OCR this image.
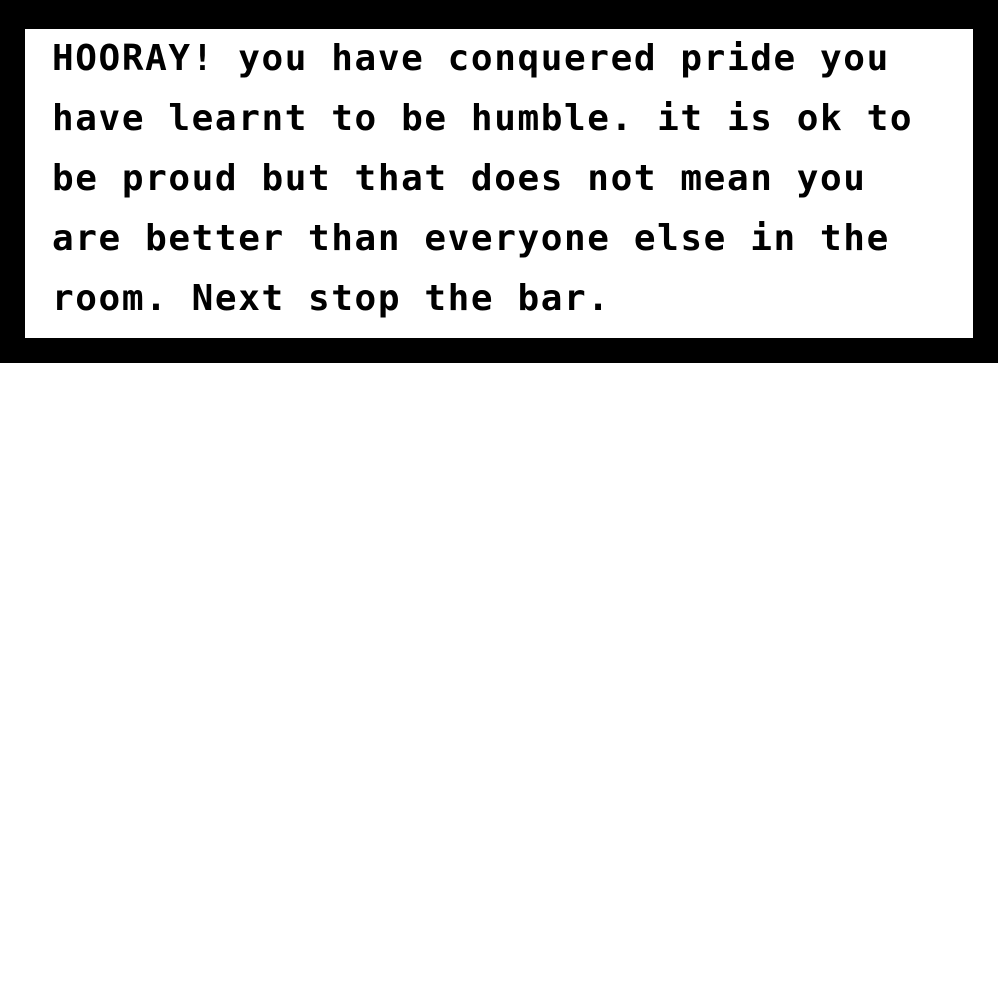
HOORAY! you have conquered pride you

have learnt to be humble. it is ok to

be proud but that does not mean you

are better than everyone else in the

room. Next stop the bar.
